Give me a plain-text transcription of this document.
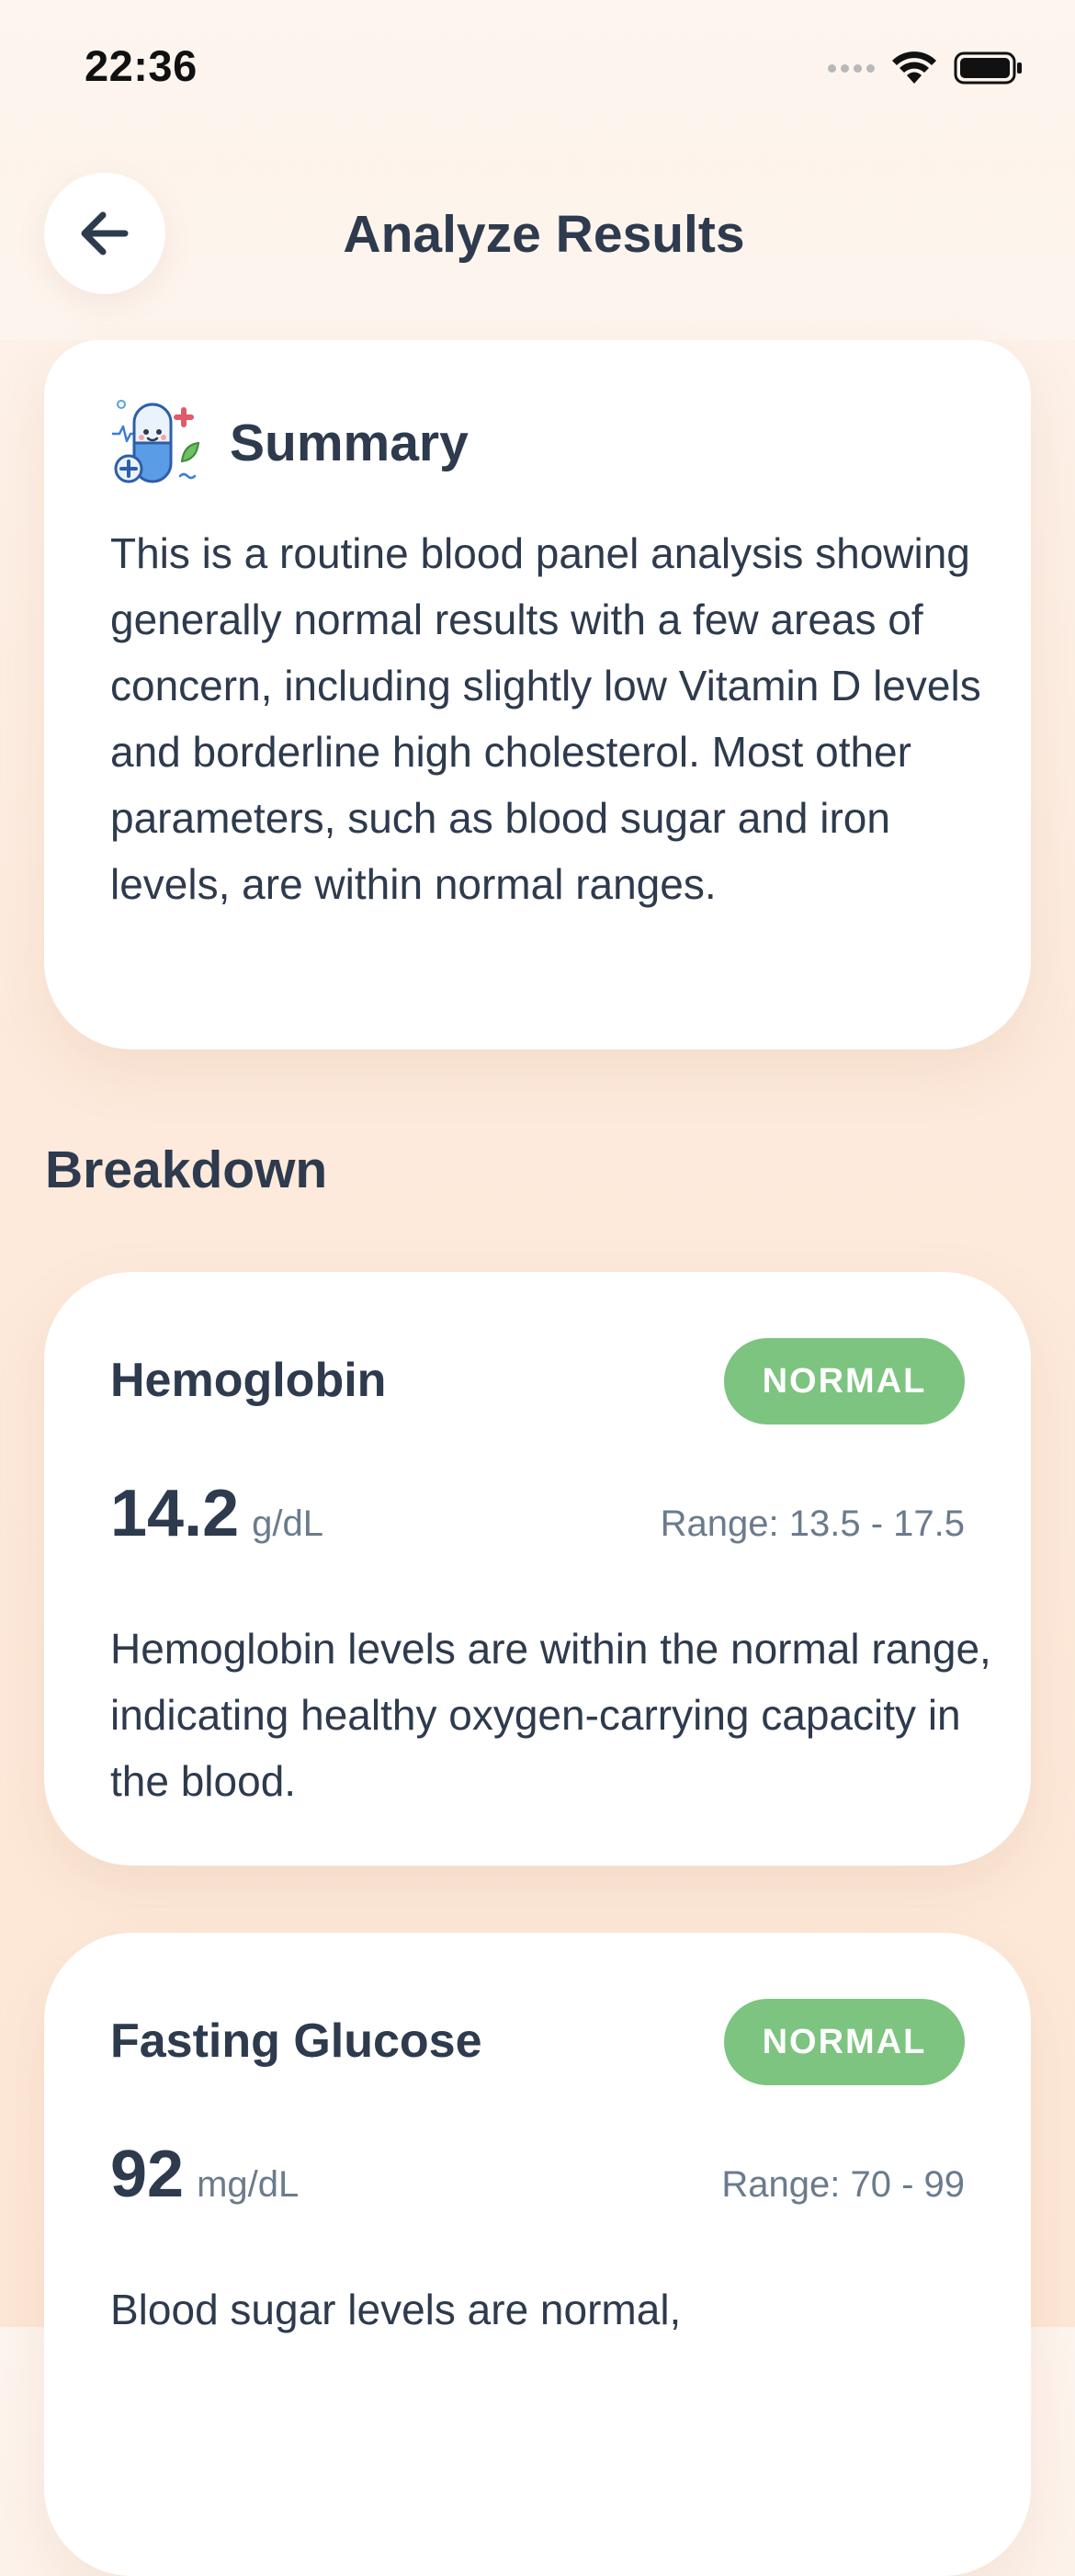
22:36
Analyze Results
Summary

This is a routine blood panel analysis showing generally normal results with a few areas of concern, including slightly low Vitamin D levels and borderline high cholesterol. Most other parameters, such as blood sugar and iron levels, are within normal ranges.

Breakdown
Hemoglobin	NORMAL
14.2 g/dL	Range: 13.5 - 17.5

Hemoglobin levels are within the normal range, indicating healthy oxygen-carrying capacity in the blood.

Fasting Glucose	NORMAL
92 mg/dL	Range: 70 - 99

Blood sugar levels are normal,
